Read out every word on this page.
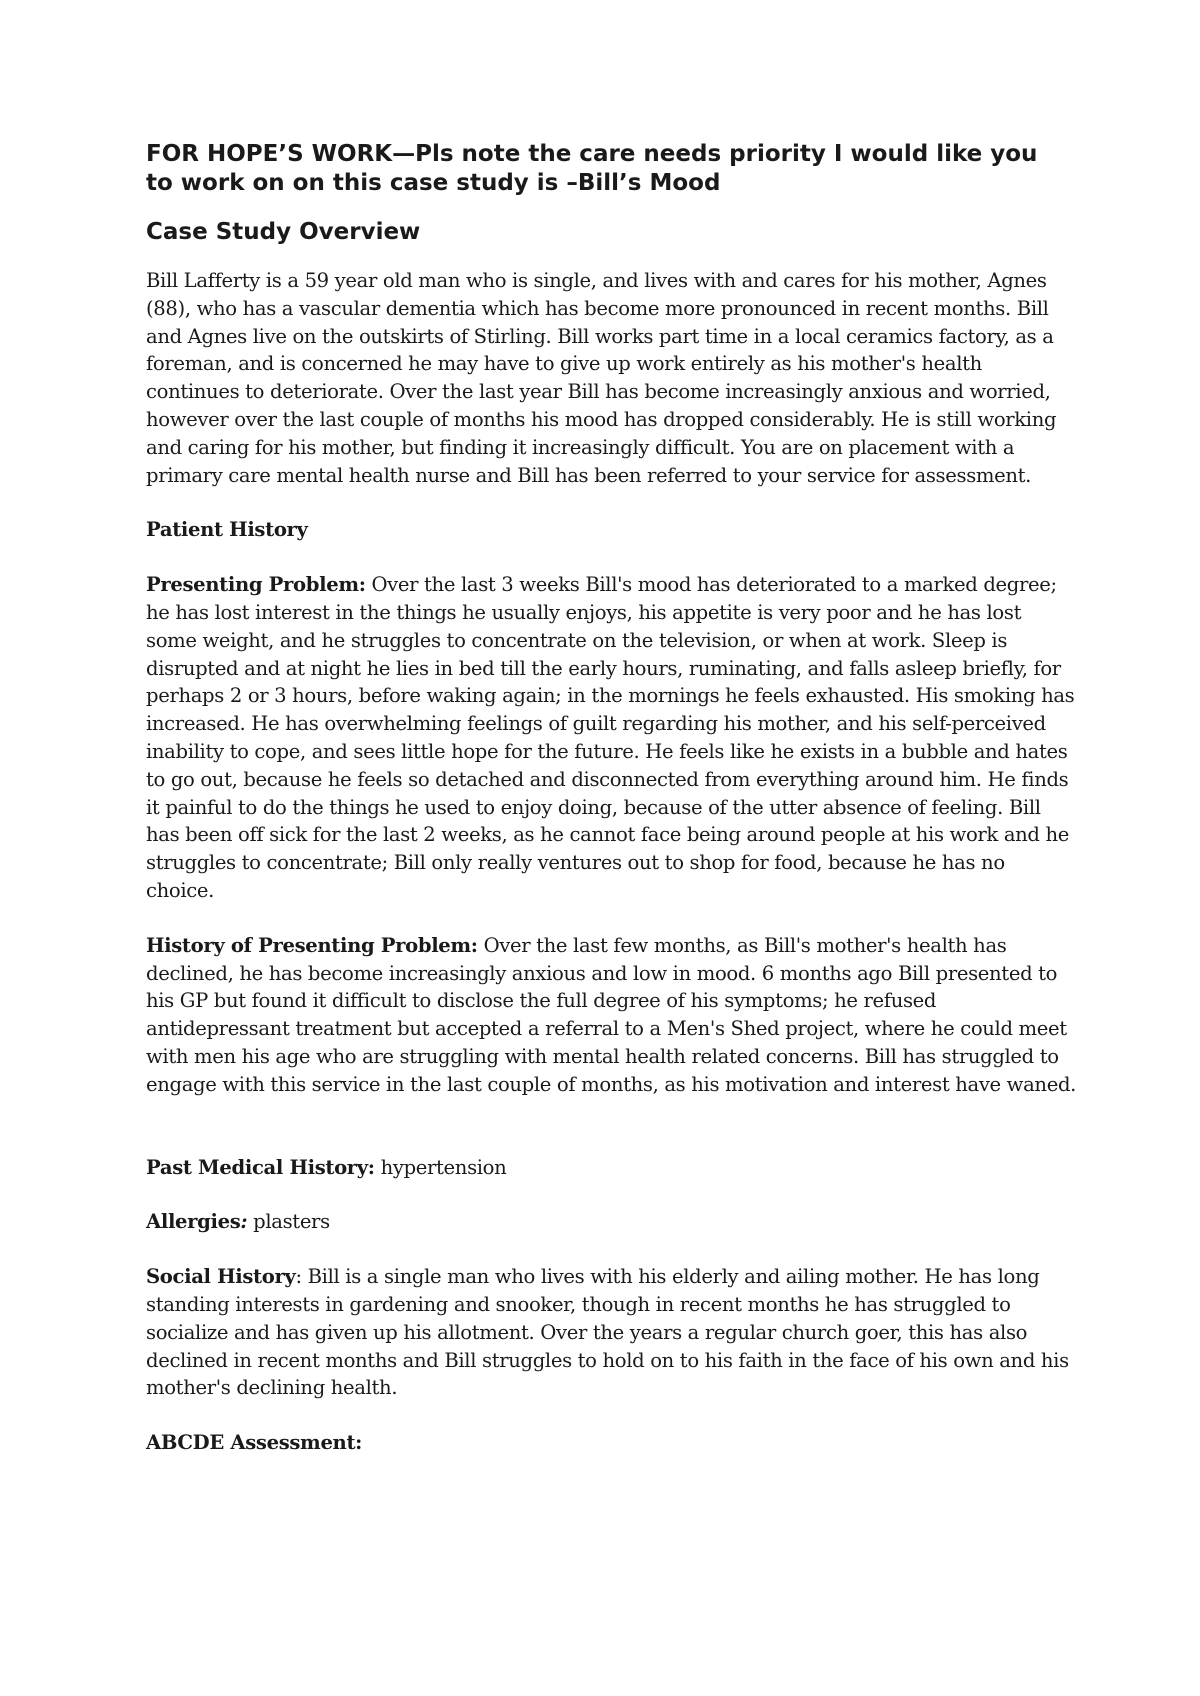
FOR HOPE’S WORK—Pls note the care needs priority I would like you to work on on this case study is –Bill’s Mood
Case Study Overview

Bill Lafferty is a 59 year old man who is single, and lives with and cares for his mother, Agnes (88), who has a vascular dementia which has become more pronounced in recent months. Bill and Agnes live on the outskirts of Stirling. Bill works part time in a local ceramics factory, as a foreman, and is concerned he may have to give up work entirely as his mother's health continues to deteriorate. Over the last year Bill has become increasingly anxious and worried, however over the last couple of months his mood has dropped considerably. He is still working and caring for his mother, but finding it increasingly difficult. You are on placement with a primary care mental health nurse and Bill has been referred to your service for assessment.

Patient History

Presenting Problem: Over the last 3 weeks Bill's mood has deteriorated to a marked degree; he has lost interest in the things he usually enjoys, his appetite is very poor and he has lost some weight, and he struggles to concentrate on the television, or when at work. Sleep is disrupted and at night he lies in bed till the early hours, ruminating, and falls asleep briefly, for perhaps 2 or 3 hours, before waking again; in the mornings he feels exhausted. His smoking has increased. He has overwhelming feelings of guilt regarding his mother, and his self-perceived inability to cope, and sees little hope for the future. He feels like he exists in a bubble and hates to go out, because he feels so detached and disconnected from everything around him. He finds it painful to do the things he used to enjoy doing, because of the utter absence of feeling. Bill has been off sick for the last 2 weeks, as he cannot face being around people at his work and he struggles to concentrate; Bill only really ventures out to shop for food, because he has no choice.

History of Presenting Problem: Over the last few months, as Bill's mother's health has declined, he has become increasingly anxious and low in mood. 6 months ago Bill presented to his GP but found it difficult to disclose the full degree of his symptoms; he refused antidepressant treatment but accepted a referral to a Men's Shed project, where he could meet with men his age who are struggling with mental health related concerns. Bill has struggled to engage with this service in the last couple of months, as his motivation and interest have waned.

Past Medical History: hypertension

Allergies: plasters

Social History: Bill is a single man who lives with his elderly and ailing mother. He has long standing interests in gardening and snooker, though in recent months he has struggled to socialize and has given up his allotment. Over the years a regular church goer, this has also declined in recent months and Bill struggles to hold on to his faith in the face of his own and his mother's declining health.

ABCDE Assessment:
